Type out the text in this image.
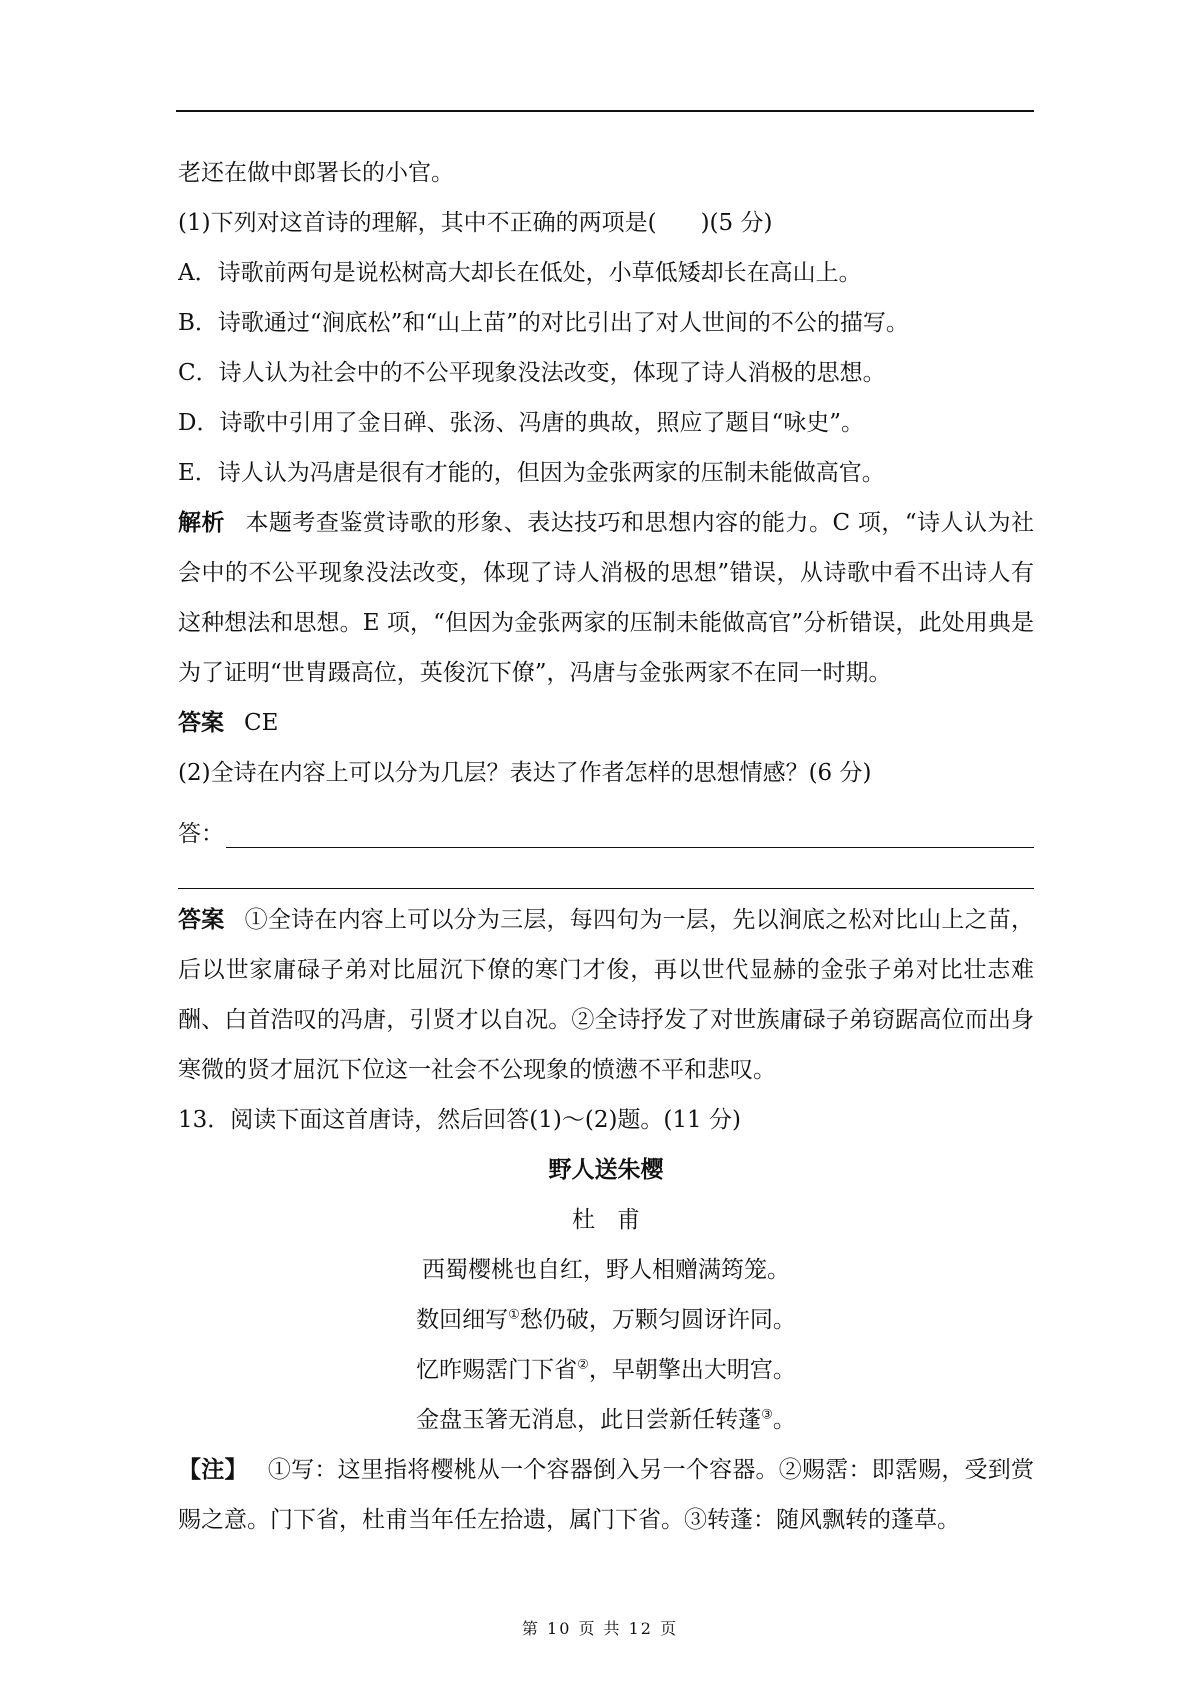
老还在做中郎署长的小官。
(1)下列对这首诗的理解，其中不正确的两项是( )(5 分)
A．诗歌前两句是说松树高大却长在低处，小草低矮却长在高山上。
B．诗歌通过“涧底松”和“山上苗”的对比引出了对人世间的不公的描写。
C．诗人认为社会中的不公平现象没法改变，体现了诗人消极的思想。
D．诗歌中引用了金日䃅、张汤、冯唐的典故，照应了题目“咏史”。
E．诗人认为冯唐是很有才能的，但因为金张两家的压制未能做高官。
解析 本题考查鉴赏诗歌的形象、表达技巧和思想内容的能力。C 项，“诗人认为社会中的不公平现象没法改变，体现了诗人消极的思想”错误，从诗歌中看不出诗人有这种想法和思想。E 项，“但因为金张两家的压制未能做高官”分析错误，此处用典是为了证明“世胄蹑高位，英俊沉下僚”，冯唐与金张两家不在同一时期。
答案 CE
(2)全诗在内容上可以分为几层？表达了作者怎样的思想情感？(6 分)
答：
答案 ①全诗在内容上可以分为三层，每四句为一层，先以涧底之松对比山上之苗，后以世家庸碌子弟对比屈沉下僚的寒门才俊，再以世代显赫的金张子弟对比壮志难酬、白首浩叹的冯唐，引贤才以自况。②全诗抒发了对世族庸碌子弟窃踞高位而出身寒微的贤才屈沉下位这一社会不公现象的愤懑不平和悲叹。
13．阅读下面这首唐诗，然后回答(1)～(2)题。(11 分)
野人送朱樱
杜甫
西蜀樱桃也自红，野人相赠满筠笼。
数回细写①愁仍破，万颗匀圆讶许同。
忆昨赐霑门下省②，早朝擎出大明宫。
金盘玉箸无消息，此日尝新任转蓬③。
【注】 ①写：这里指将樱桃从一个容器倒入另一个容器。②赐霑：即霑赐，受到赏赐之意。门下省，杜甫当年任左拾遗，属门下省。③转蓬：随风飘转的蓬草。
第 10 页 共 12 页
